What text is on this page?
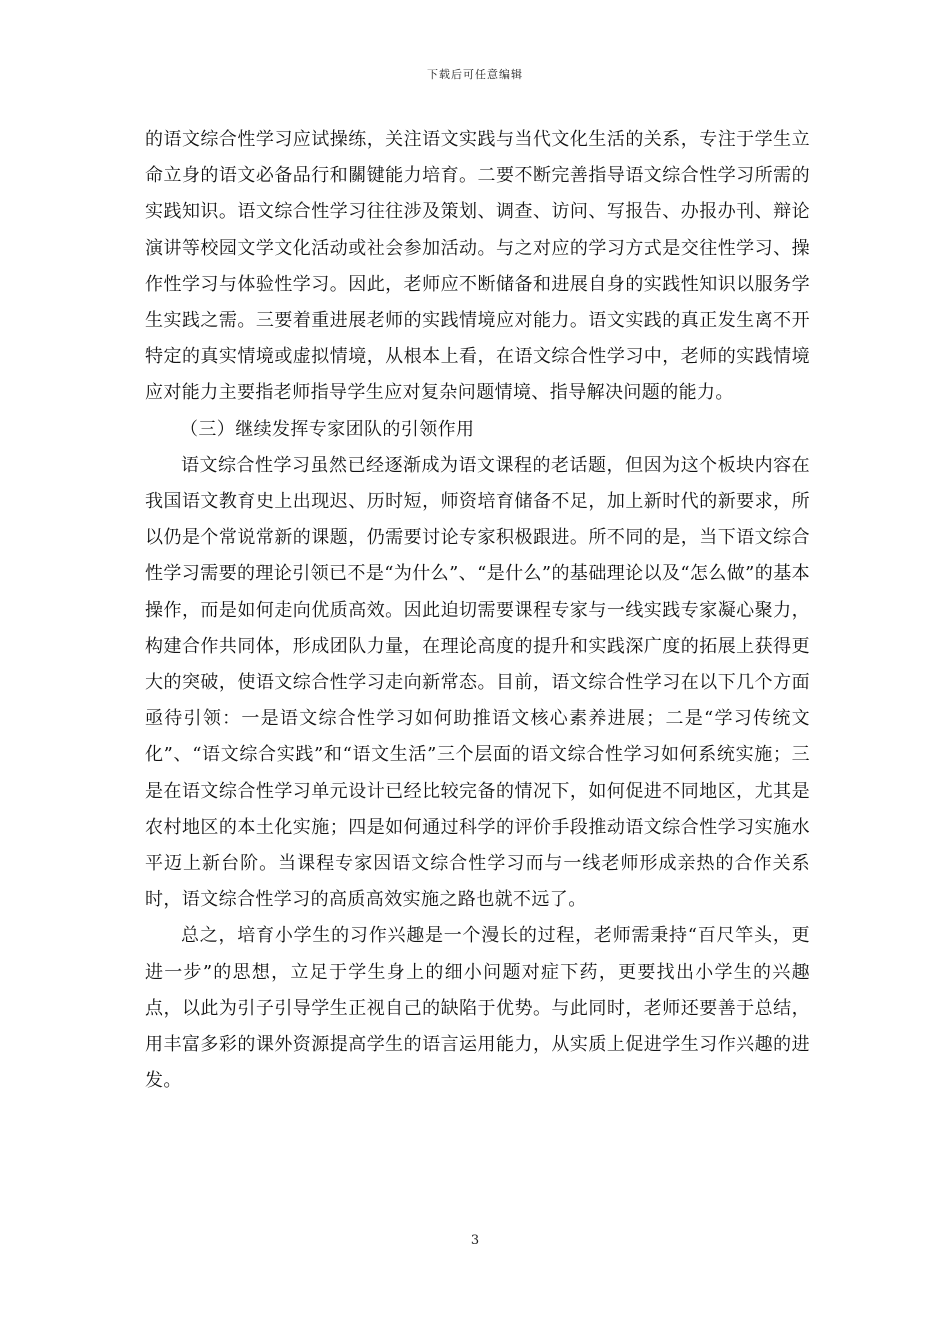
下载后可任意编辑

的语文综合性学习应试操练，关注语文实践与当代文化生活的关系，专注于学生立命立身的语文必备品行和關键能力培育。二要不断完善指导语文综合性学习所需的实践知识。语文综合性学习往往涉及策划、调查、访问、写报告、办报办刊、辩论演讲等校园文学文化活动或社会参加活动。与之对应的学习方式是交往性学习、操作性学习与体验性学习。因此，老师应不断储备和进展自身的实践性知识以服务学生实践之需。三要着重进展老师的实践情境应对能力。语文实践的真正发生离不开特定的真实情境或虚拟情境，从根本上看，在语文综合性学习中，老师的实践情境应对能力主要指老师指导学生应对复杂问题情境、指导解决问题的能力。

（三）继续发挥专家团队的引领作用

语文综合性学习虽然已经逐渐成为语文课程的老话题，但因为这个板块内容在我国语文教育史上出现迟、历时短，师资培育储备不足，加上新时代的新要求，所以仍是个常说常新的课题，仍需要讨论专家积极跟进。所不同的是，当下语文综合性学习需要的理论引领已不是“为什么”、“是什么”的基础理论以及“怎么做”的基本操作，而是如何走向优质高效。因此迫切需要课程专家与一线实践专家凝心聚力，构建合作共同体，形成团队力量，在理论高度的提升和实践深广度的拓展上获得更大的突破，使语文综合性学习走向新常态。目前，语文综合性学习在以下几个方面亟待引领：一是语文综合性学习如何助推语文核心素养进展；二是“学习传统文化”、“语文综合实践”和“语文生活”三个层面的语文综合性学习如何系统实施；三是在语文综合性学习单元设计已经比较完备的情况下，如何促进不同地区，尤其是农村地区的本土化实施；四是如何通过科学的评价手段推动语文综合性学习实施水平迈上新台阶。当课程专家因语文综合性学习而与一线老师形成亲热的合作关系时，语文综合性学习的高质高效实施之路也就不远了。

总之，培育小学生的习作兴趣是一个漫长的过程，老师需秉持“百尺竿头，更进一步”的思想，立足于学生身上的细小问题对症下药，更要找出小学生的兴趣点，以此为引子引导学生正视自己的缺陷于优势。与此同时，老师还要善于总结，用丰富多彩的课外资源提高学生的语言运用能力，从实质上促进学生习作兴趣的进发。

3
